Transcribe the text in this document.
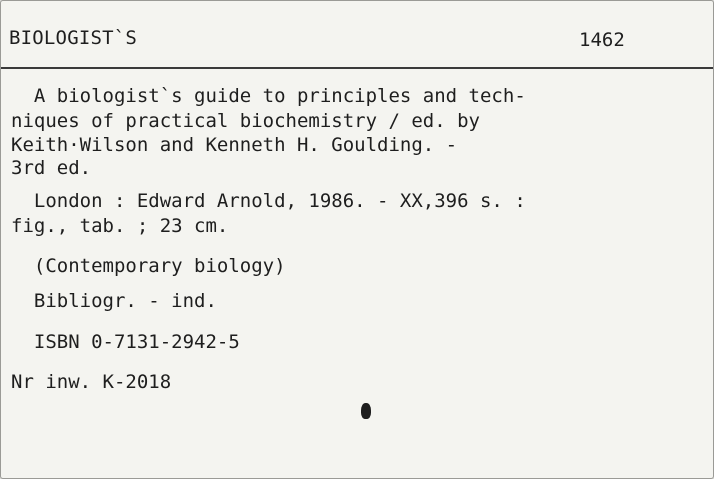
BIOLOGIST`S	1462
A biologist`s guide to principles and tech-
niques of practical biochemistry / ed. by
Keith·Wilson and Kenneth H. Goulding. -
3rd ed.
London : Edward Arnold, 1986. - XX,396 s. :
fig., tab. ; 23 cm.
(Contemporary biology)
Bibliogr. - ind.
ISBN 0-7131-2942-5
Nr inw. K-2018
